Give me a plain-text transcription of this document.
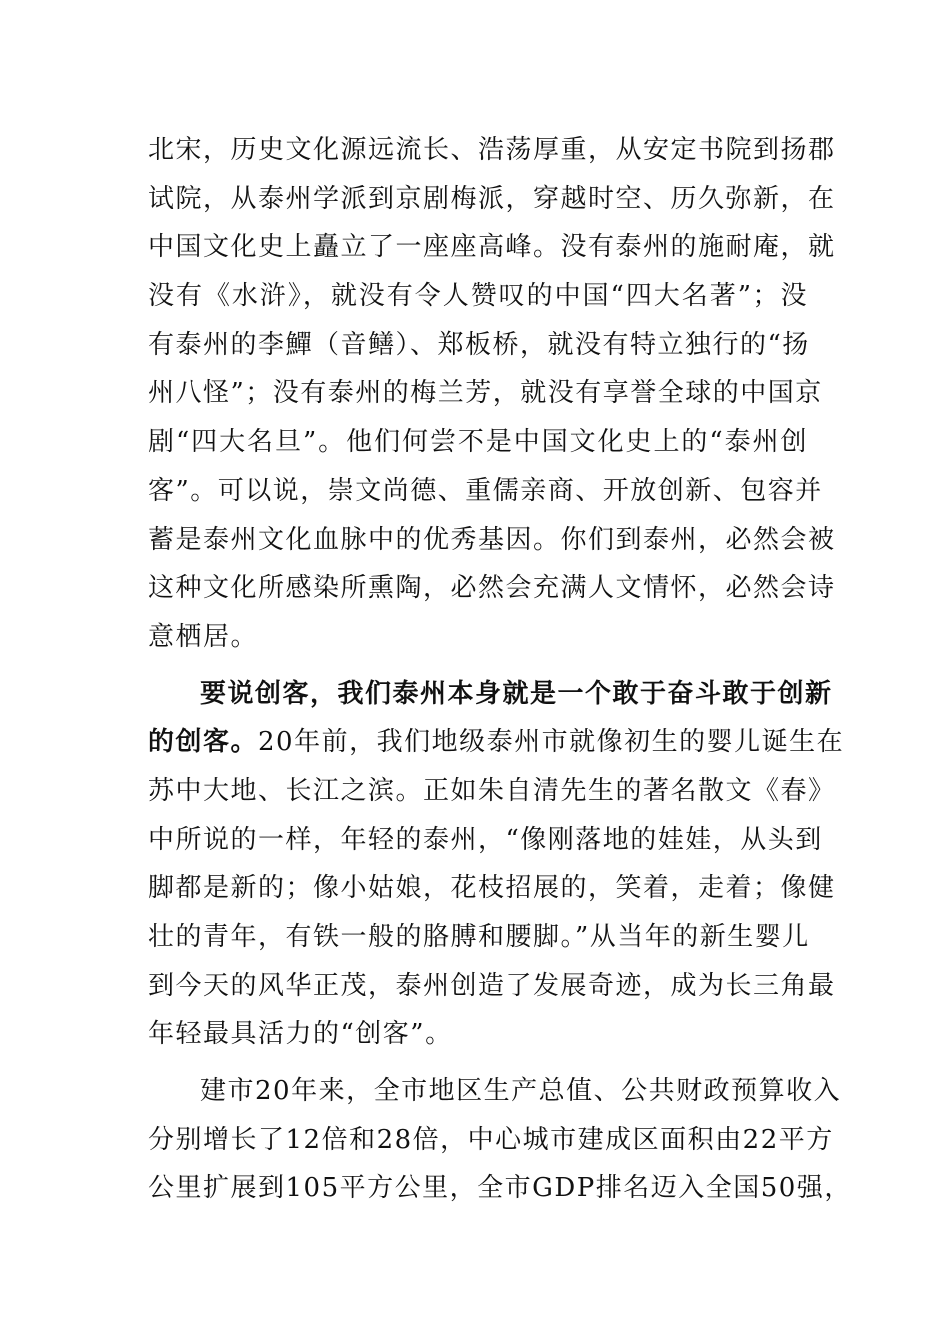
北宋，历史文化源远流长、浩荡厚重，从安定书院到扬郡
试院，从泰州学派到京剧梅派，穿越时空、历久弥新，在
中国文化史上矗立了一座座高峰。没有泰州的施耐庵，就
没有《水浒》，就没有令人赞叹的中国“四大名著”；没
有泰州的李鱓（音鳝）、郑板桥，就没有特立独行的“扬
州八怪”；没有泰州的梅兰芳，就没有享誉全球的中国京
剧“四大名旦”。他们何尝不是中国文化史上的“泰州创
客”。可以说，崇文尚德、重儒亲商、开放创新、包容并
蓄是泰州文化血脉中的优秀基因。你们到泰州，必然会被
这种文化所感染所熏陶，必然会充满人文情怀，必然会诗
意栖居。
要说创客，我们泰州本身就是一个敢于奋斗敢于创新
的创客。20年前，我们地级泰州市就像初生的婴儿诞生在
苏中大地、长江之滨。正如朱自清先生的著名散文《春》
中所说的一样，年轻的泰州，“像刚落地的娃娃，从头到
脚都是新的；像小姑娘，花枝招展的，笑着，走着；像健
壮的青年，有铁一般的胳膊和腰脚。”从当年的新生婴儿
到今天的风华正茂，泰州创造了发展奇迹，成为长三角最
年轻最具活力的“创客”。
建市20年来，全市地区生产总值、公共财政预算收入
分别增长了12倍和28倍，中心城市建成区面积由22平方
公里扩展到105平方公里，全市GDP排名迈入全国50强，
